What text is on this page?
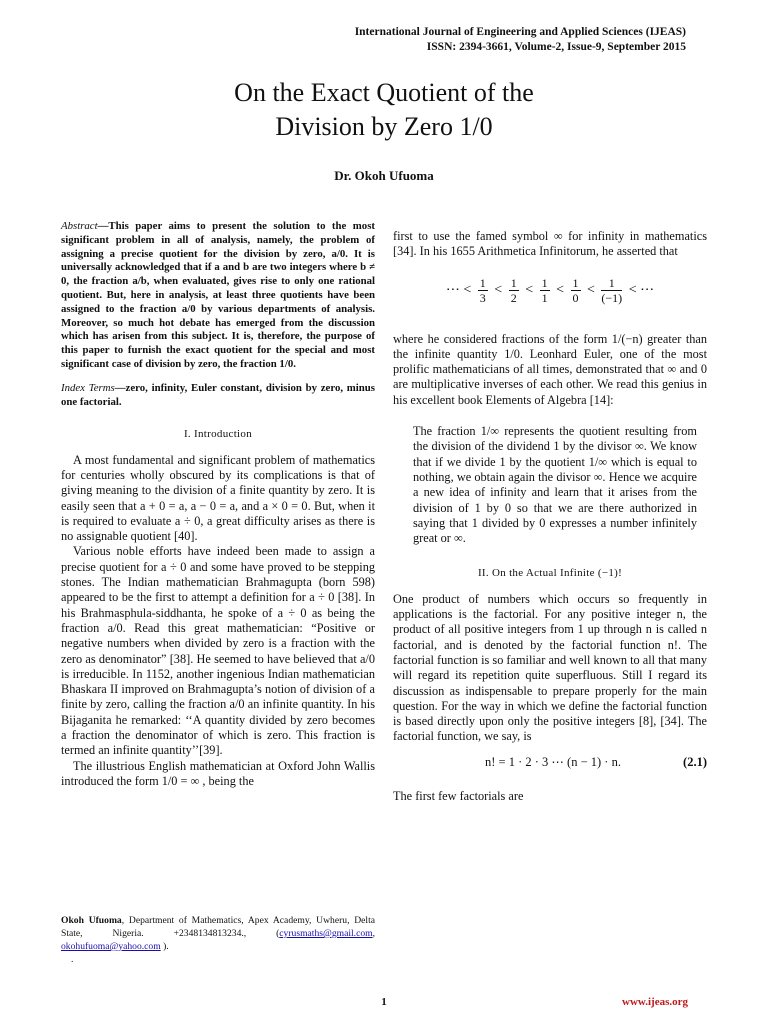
International Journal of Engineering and Applied Sciences (IJEAS)
ISSN: 2394-3661, Volume-2, Issue-9, September 2015
On the Exact Quotient of the
Division by Zero 1/0
Dr. Okoh Ufuoma
Abstract—This paper aims to present the solution to the most significant problem in all of analysis, namely, the problem of assigning a precise quotient for the division by zero, a/0. It is universally acknowledged that if a and b are two integers where b ≠ 0, the fraction a/b, when evaluated, gives rise to only one rational quotient. But, here in analysis, at least three quotients have been assigned to the fraction a/0 by various departments of analysis. Moreover, so much hot debate has emerged from the discussion which has arisen from this subject. It is, therefore, the purpose of this paper to furnish the exact quotient for the special and most significant case of division by zero, the fraction 1/0.
Index Terms—zero, infinity, Euler constant, division by zero, minus one factorial.
I. Introduction

A most fundamental and significant problem of mathematics for centuries wholly obscured by its complications is that of giving meaning to the division of a finite quantity by zero. It is easily seen that a + 0 = a, a − 0 = a, and a × 0 = 0. But, when it is required to evaluate a ÷ 0, a great difficulty arises as there is no assignable quotient [40].

Various noble efforts have indeed been made to assign a precise quotient for a ÷ 0 and some have proved to be stepping stones. The Indian mathematician Brahmagupta (born 598) appeared to be the first to attempt a definition for a ÷ 0 [38]. In his Brahmasphula-siddhanta, he spoke of a ÷ 0 as being the fraction a/0. Read this great mathematician: “Positive or negative numbers when divided by zero is a fraction with the zero as denominator” [38]. He seemed to have believed that a/0 is irreducible. In 1152, another ingenious Indian mathematician Bhaskara II improved on Brahmagupta’s notion of division of a finite by zero, calling the fraction a/0 an infinite quantity. In his Bijaganita he remarked: ‘‘A quantity divided by zero becomes a fraction the denominator of which is zero. This fraction is termed an infinite quantity’’[39].

The illustrious English mathematician at Oxford John Wallis introduced the form 1/0 = ∞ , being the

first to use the famed symbol ∞ for infinity in mathematics [34]. In his 1655 Arithmetica Infinitorum, he asserted that

⋯ < $\frac{1}{3} < \frac{1}{2} < \frac{1}{1} < \frac{1}{0} < \frac{1}{(-1)}$ < ⋯

where he considered fractions of the form 1/(−n) greater than the infinite quantity 1/0. Leonhard Euler, one of the most prolific mathematicians of all times, demonstrated that ∞ and 0 are multiplicative inverses of each other. We read this genius in his excellent book Elements of Algebra [14]:

The fraction 1/∞ represents the quotient resulting from the division of the dividend 1 by the divisor ∞. We know that if we divide 1 by the quotient 1/∞ which is equal to nothing, we obtain again the divisor ∞. Hence we acquire a new idea of infinity and learn that it arises from the division of 1 by 0 so that we are there authorized in saying that 1 divided by 0 expresses a number infinitely great or ∞.
II. On the Actual Infinite (−1)!

One product of numbers which occurs so frequently in applications is the factorial. For any positive integer n, the product of all positive integers from 1 up through n is called n factorial, and is denoted by the factorial function n!. The factorial function is so familiar and well known to all that many will regard its repetition quite superfluous. Still I regard its discussion as indispensable to prepare properly for the main question. For the way in which we define the factorial function is based directly upon only the positive integers [8], [34]. The factorial function, we say, is

n! = 1 · 2 · 3 ⋯ (n − 1) · n.	(2.1)

The first few factorials are

Okoh Ufuoma, Department of Mathematics, Apex Academy, Uwheru, Delta State, Nigeria. +2348134813234., (cyrusmaths@gmail.com, okohufuoma@yahoo.com ).
.
1	www.ijeas.org
